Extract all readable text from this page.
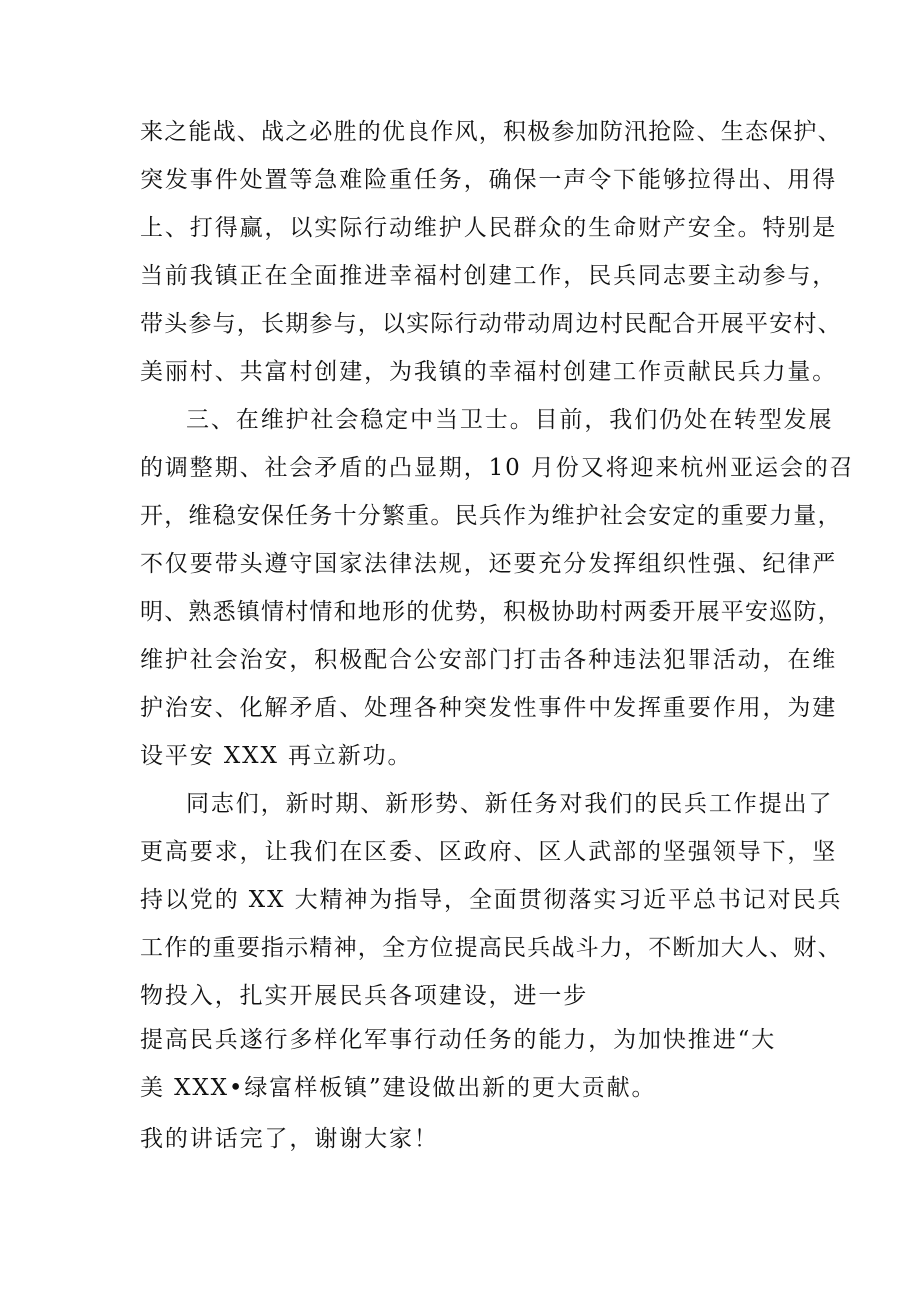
来之能战、战之必胜的优良作风，积极参加防汛抢险、生态保护、
突发事件处置等急难险重任务，确保一声令下能够拉得出、用得
上、打得赢，以实际行动维护人民群众的生命财产安全。特别是
当前我镇正在全面推进幸福村创建工作，民兵同志要主动参与，
带头参与，长期参与，以实际行动带动周边村民配合开展平安村、
美丽村、共富村创建，为我镇的幸福村创建工作贡献民兵力量。
三、在维护社会稳定中当卫士。目前，我们仍处在转型发展
的调整期、社会矛盾的凸显期，10 月份又将迎来杭州亚运会的召
开，维稳安保任务十分繁重。民兵作为维护社会安定的重要力量，
不仅要带头遵守国家法律法规，还要充分发挥组织性强、纪律严
明、熟悉镇情村情和地形的优势，积极协助村两委开展平安巡防，
维护社会治安，积极配合公安部门打击各种违法犯罪活动，在维
护治安、化解矛盾、处理各种突发性事件中发挥重要作用，为建
设平安 XXX 再立新功。
同志们，新时期、新形势、新任务对我们的民兵工作提出了
更高要求，让我们在区委、区政府、区人武部的坚强领导下，坚
持以党的 XX 大精神为指导，全面贯彻落实习近平总书记对民兵
工作的重要指示精神，全方位提高民兵战斗力，不断加大人、财、
物投入，扎实开展民兵各项建设，进一步
提高民兵遂行多样化军事行动任务的能力，为加快推进“大
美 XXX•绿富样板镇”建设做出新的更大贡献。
我的讲话完了，谢谢大家！
